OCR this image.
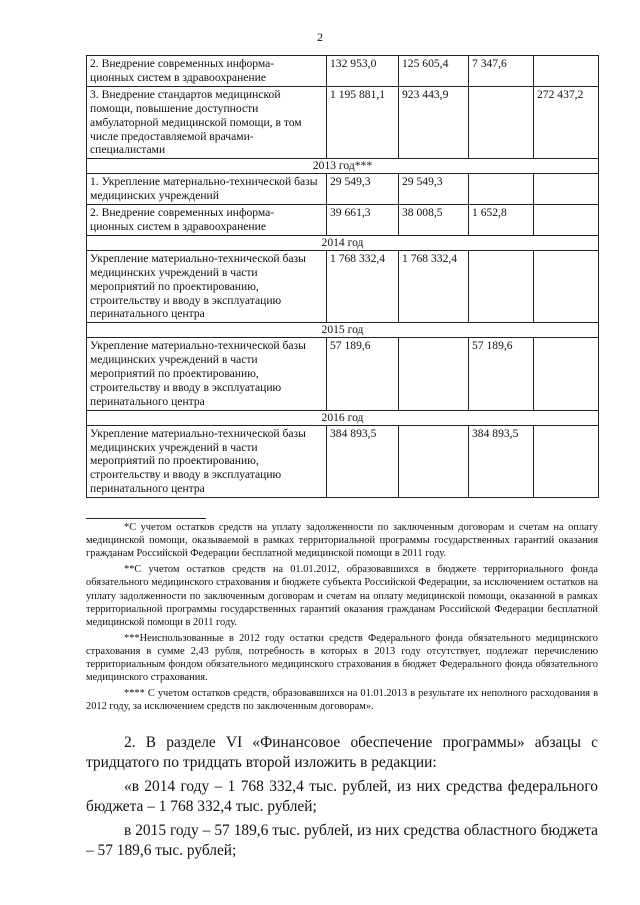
2
2. Внедрение современных информа-
ционных систем в здравоохранение	132 953,0	125 605,4	7 347,6	
3. Внедрение стандартов медицинской помощи, повышение доступности амбулаторной медицинской помощи, в том числе предоставляемой врачами-специалистами	1 195 881,1	923 443,9		272 437,2
2013 год***				
1. Укрепление материально-технической базы медицинских учреждений	29 549,3	29 549,3		
2. Внедрение современных информа-
ционных систем в здравоохранение	39 661,3	38 008,5	1 652,8	
2014 год				
Укрепление материально-технической базы медицинских учреждений в части мероприятий по проектированию, строительству и вводу в эксплуатацию перинатального центра	1 768 332,4	1 768 332,4		
2015 год				
Укрепление материально-технической базы медицинских учреждений в части мероприятий по проектированию, строительству и вводу в эксплуатацию перинатального центра	57 189,6		57 189,6	
2016 год				
Укрепление материально-технической базы медицинских учреждений в части мероприятий по проектированию, строительству и вводу в эксплуатацию перинатального центра	384 893,5		384 893,5	

*С учетом остатков средств на уплату задолженности по заключенным договорам и счетам на оплату медицинской помощи, оказываемой в рамках территориальной программы государственных гарантий оказания гражданам Российской Федерации бесплатной медицинской помощи в 2011 году.

**С учетом остатков средств на 01.01.2012, образовавшихся в бюджете территориального фонда обязательного медицинского страхования и бюджете субъекта Российской Федерации, за исключением остатков на уплату задолженности по заключенным договорам и счетам на оплату медицинской помощи, оказанной в рамках территориальной программы государственных гарантий оказания гражданам Российской Федерации бесплатной медицинской помощи в 2011 году.

***Неиспользованные в 2012 году остатки средств Федерального фонда обязательного медицинского страхования в сумме 2,43 рубля, потребность в которых в 2013 году отсутствует, подлежат перечислению территориальным фондом обязательного медицинского страхования в бюджет Федерального фонда обязательного медицинского страхования.

**** С учетом остатков средств, образовавшихся на 01.01.2013 в результате их неполного расходования в 2012 году, за исключением средств по заключенным договорам».

2. В разделе VI «Финансовое обеспечение программы» абзацы с тридцатого по тридцать второй изложить в редакции:

«в 2014 году – 1 768 332,4 тыс. рублей, из них средства федерального бюджета – 1 768 332,4 тыс. рублей;

в 2015 году – 57 189,6 тыс. рублей, из них средства областного бюджета – 57 189,6 тыс. рублей;
